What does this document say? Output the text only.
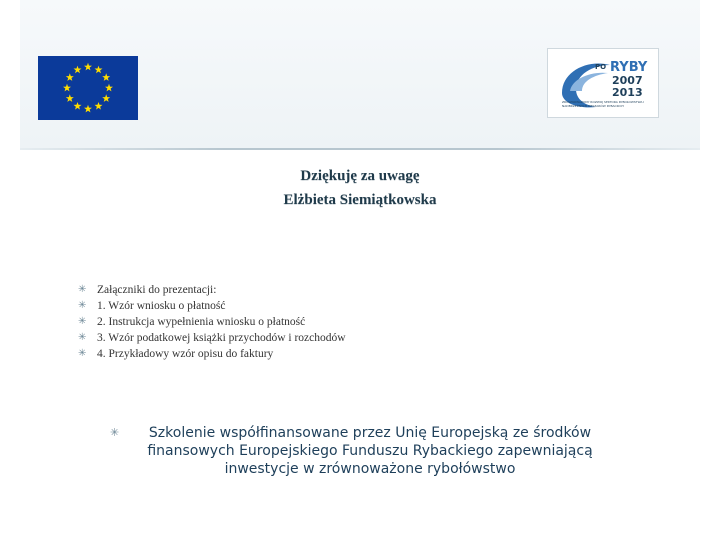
PO RYBY
2007
2013
ZRÓWNOWAŻONY ROZWÓJ SEKTORA RYBOŁÓWSTWA I NADBRZEŻNYCH OBSZARÓW RYBACKICH
Dziękuję za uwagę
Elżbieta Siemiątkowska
✳ Załączniki do prezentacji:
✳ 1. Wzór wniosku o płatność
✳ 2. Instrukcja wypełnienia wniosku o płatność
✳ 3. Wzór podatkowej książki przychodów i rozchodów
✳ 4. Przykładowy wzór opisu do faktury
✳ Szkolenie współfinansowane przez Unię Europejską ze środków finansowych Europejskiego Funduszu Rybackiego zapewniającą inwestycje w zrównoważone rybołówstwo
